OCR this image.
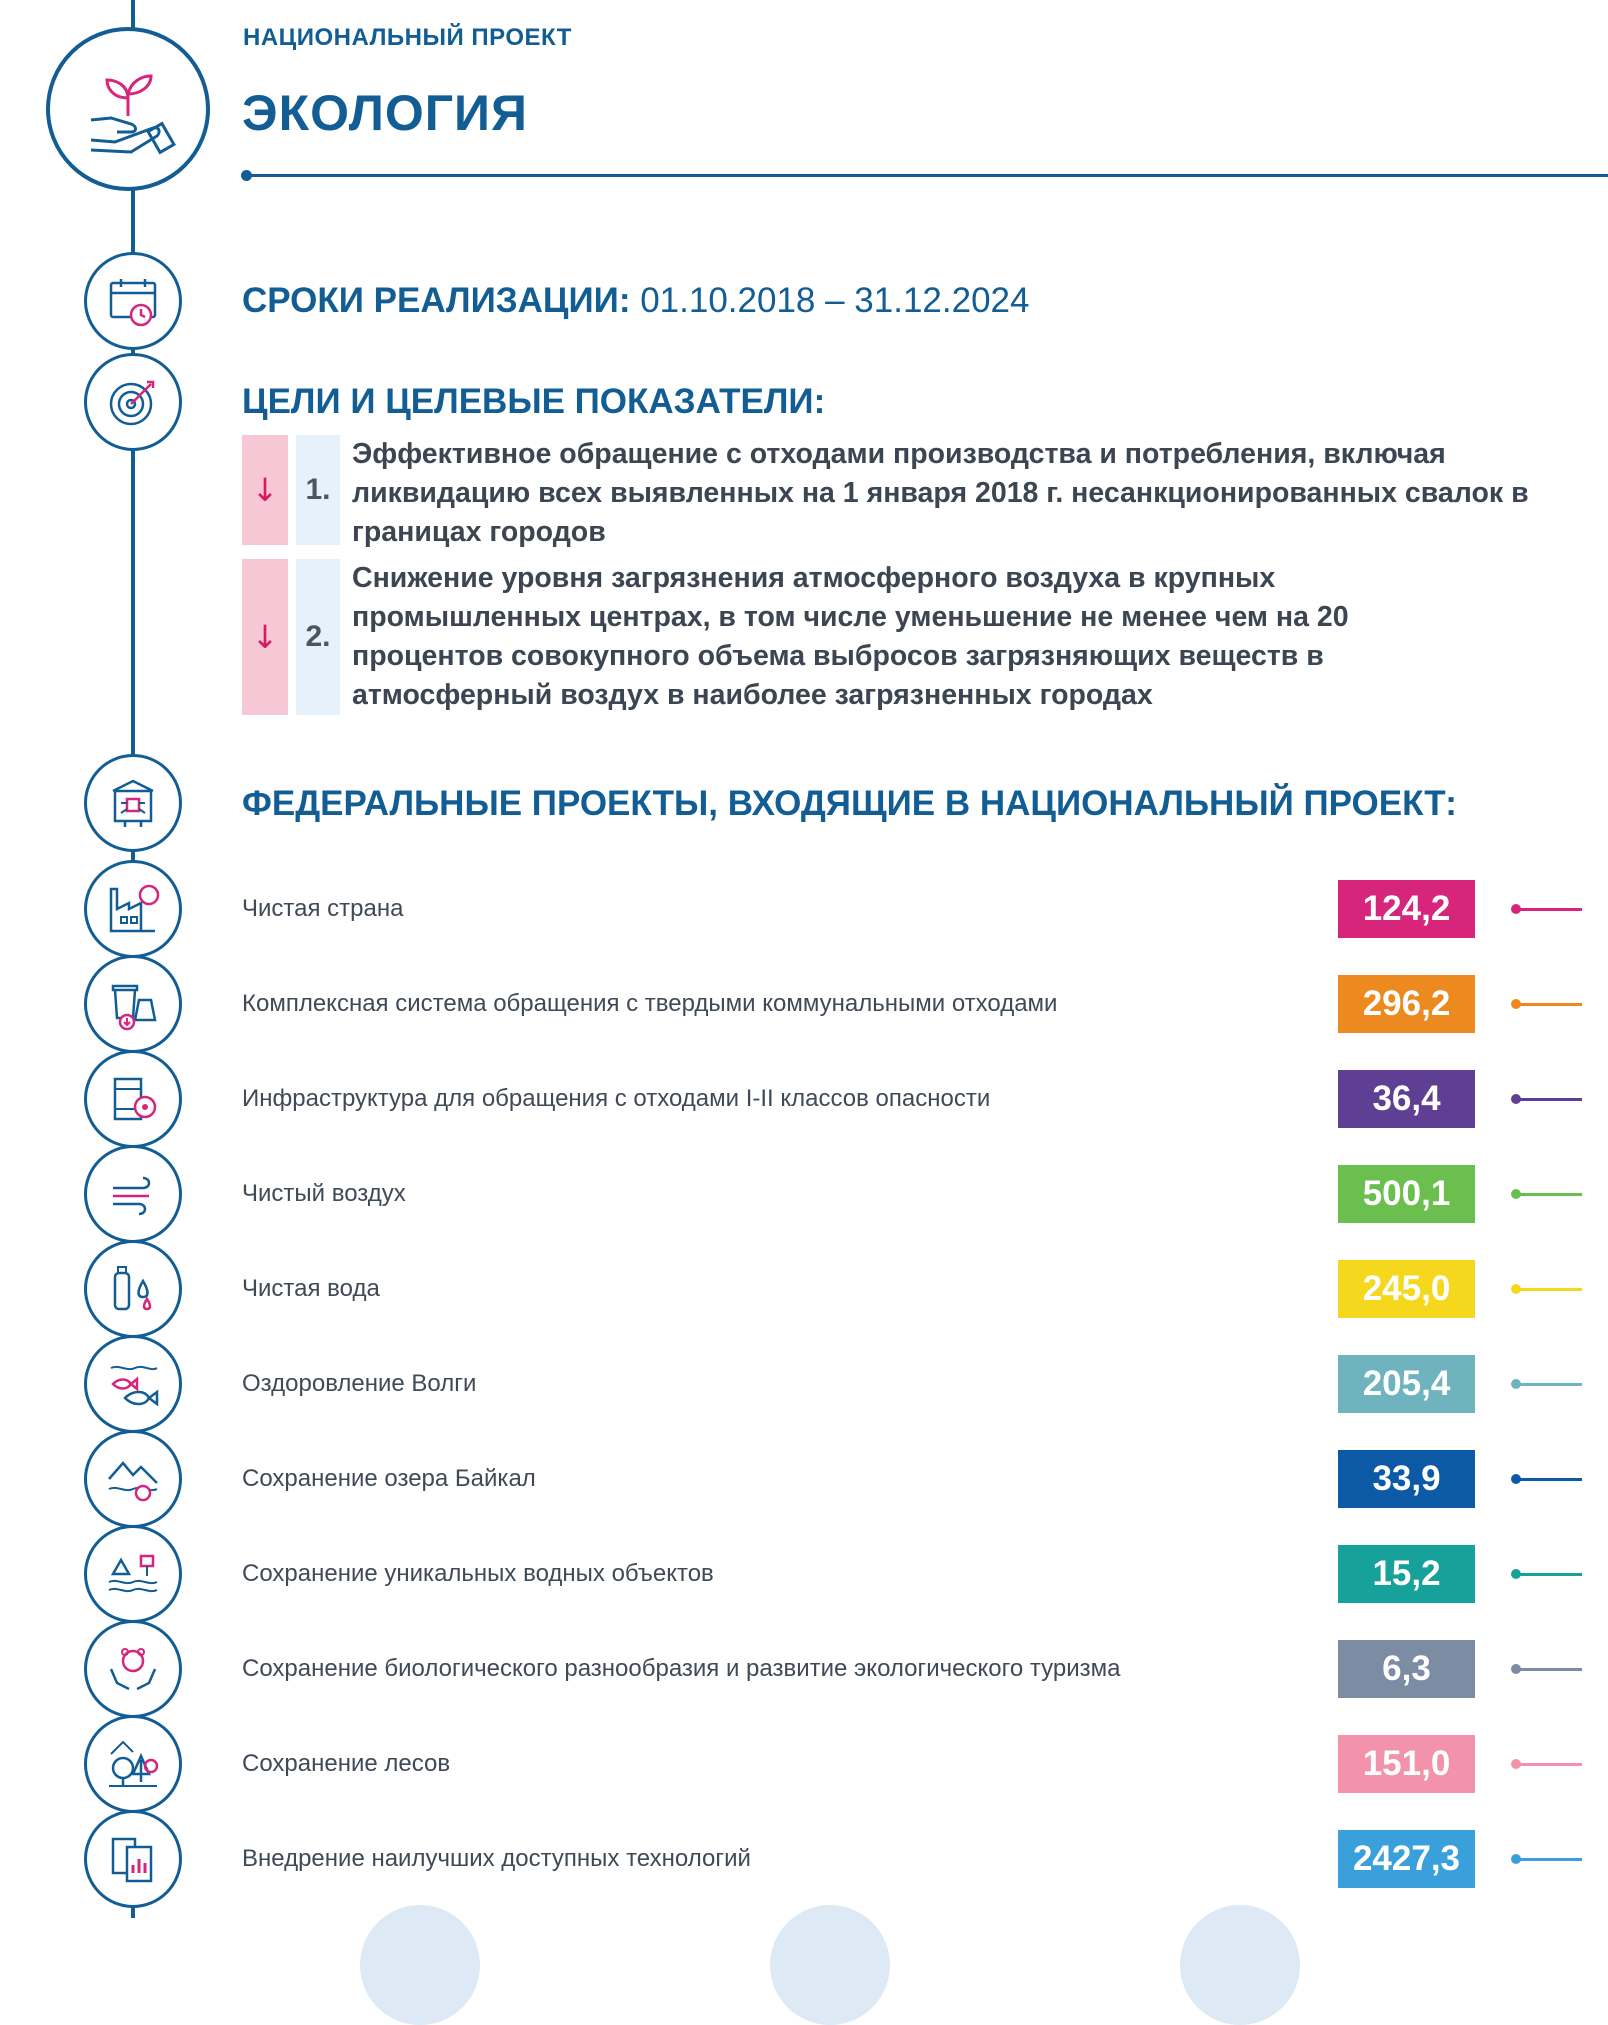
НАЦИОНАЛЬНЫЙ ПРОЕКТ
ЭКОЛОГИЯ
СРОКИ РЕАЛИЗАЦИИ: 01.10.2018 – 31.12.2024
ЦЕЛИ И ЦЕЛЕВЫЕ ПОКАЗАТЕЛИ:
↓ 1.
Эффективное обращение с отходами производства и потребления, включая ликвидацию всех выявленных на 1 января 2018 г. несанкционированных свалок в границах городов
↓ 2.
Снижение уровня загрязнения атмосферного воздуха в крупных промышленных центрах, в том числе уменьшение не менее чем на 20 процентов совокупного объема выбросов загрязняющих веществ в атмосферный воздух в наиболее загрязненных городах
ФЕДЕРАЛЬНЫЕ ПРОЕКТЫ, ВХОДЯЩИЕ В НАЦИОНАЛЬНЫЙ ПРОЕКТ:
Чистая страна	124,2
Комплексная система обращения с твердыми коммунальными отходами	296,2
Инфраструктура для обращения с отходами I-II классов опасности	36,4
Чистый воздух	500,1
Чистая вода	245,0
Оздоровление Волги	205,4
Сохранение озера Байкал	33,9
Сохранение уникальных водных объектов	15,2
Сохранение биологического разнообразия и развитие экологического туризма	6,3
Сохранение лесов	151,0
Внедрение наилучших доступных технологий	2427,3
